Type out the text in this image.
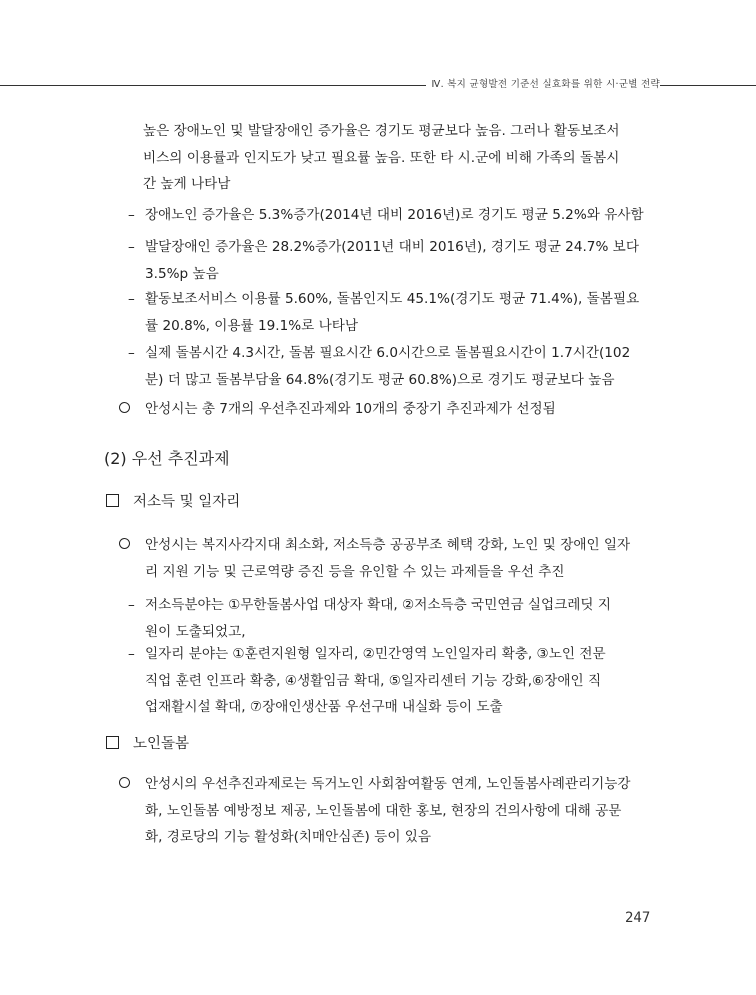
Ⅳ. 복지 균형발전 기준선 실효화를 위한 시·군별 전략
높은 장애노인 및 발달장애인 증가율은 경기도 평균보다 높음. 그러나 활동보조서
비스의 이용률과 인지도가 낮고 필요률 높음. 또한 타 시.군에 비해 가족의 돌봄시
간 높게 나타남
– 장애노인 증가율은 5.3%증가(2014년 대비 2016년)로 경기도 평균 5.2%와 유사함
– 발달장애인 증가율은 28.2%증가(2011년 대비 2016년), 경기도 평균 24.7% 보다
3.5%p 높음
– 활동보조서비스 이용률 5.60%, 돌봄인지도 45.1%(경기도 평균 71.4%), 돌봄필요
률 20.8%, 이용률 19.1%로 나타남
– 실제 돌봄시간 4.3시간, 돌봄 필요시간 6.0시간으로 돌봄필요시간이 1.7시간(102
분) 더 많고 돌봄부담율 64.8%(경기도 평균 60.8%)으로 경기도 평균보다 높음
안성시는 총 7개의 우선추진과제와 10개의 중장기 추진과제가 선정됨
(2) 우선 추진과제
저소득 및 일자리
안성시는 복지사각지대 최소화, 저소득층 공공부조 혜택 강화, 노인 및 장애인 일자
리 지원 기능 및 근로역량 증진 등을 유인할 수 있는 과제들을 우선 추진
– 저소득분야는 ①무한돌봄사업 대상자 확대, ②저소득층 국민연금 실업크레딧 지
원이 도출되었고,
– 일자리 분야는 ①훈련지원형 일자리, ②민간영역 노인일자리 확충, ③노인 전문
직업 훈련 인프라 확충, ④생활임금 확대, ⑤일자리센터 기능 강화,⑥장애인 직
업재활시설 확대, ⑦장애인생산품 우선구매 내실화 등이 도출
노인돌봄
안성시의 우선추진과제로는 독거노인 사회참여활동 연계, 노인돌봄사례관리기능강
화, 노인돌봄 예방정보 제공, 노인돌봄에 대한 홍보, 현장의 건의사항에 대해 공문
화, 경로당의 기능 활성화(치매안심존) 등이 있음
247
